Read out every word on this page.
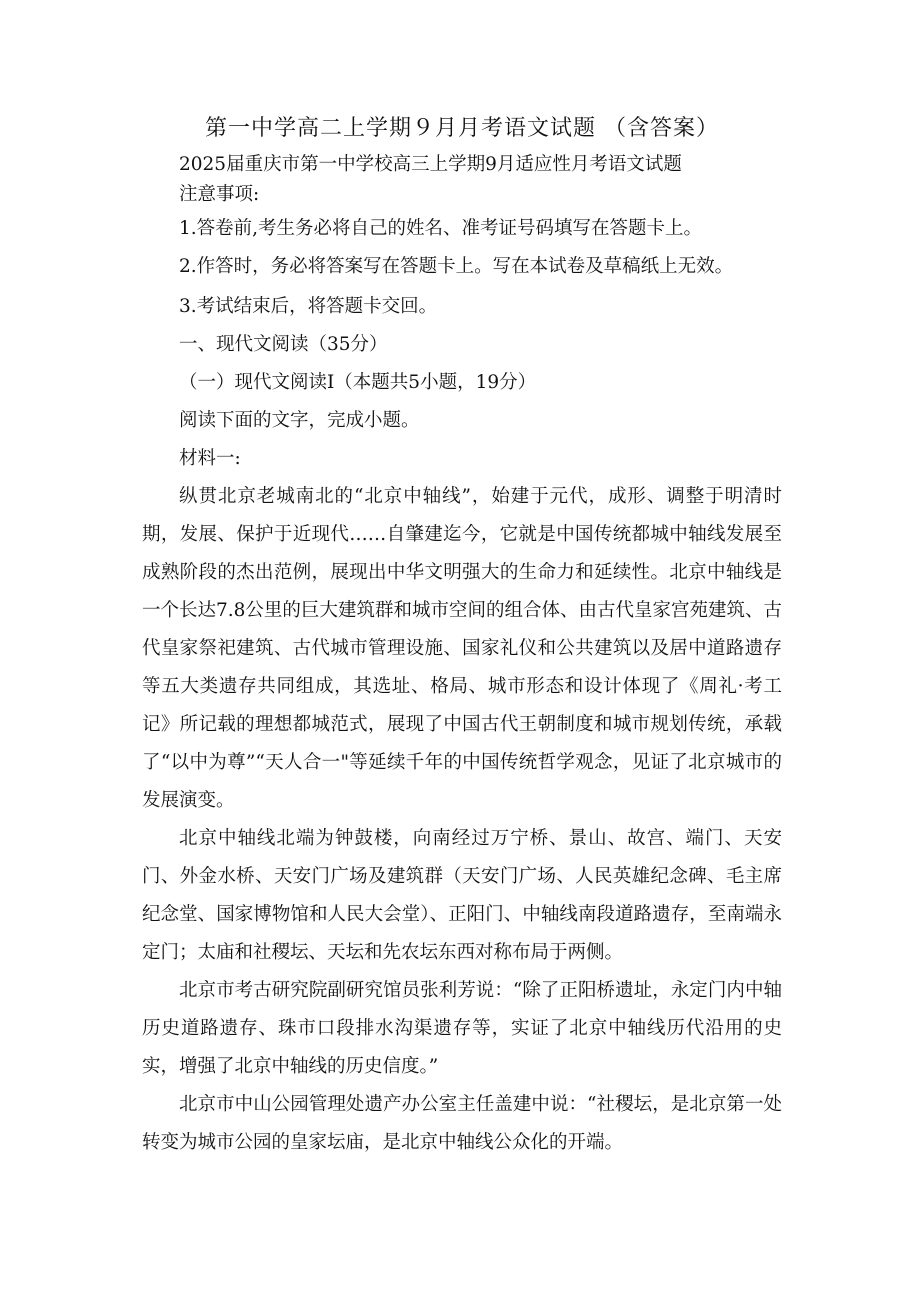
第一中学高二上学期９月月考语文试题 （含答案）

2025届重庆市第一中学校高三上学期9月适应性月考语文试题

注意事项:

1.答卷前,考生务必将自己的姓名、准考证号码填写在答题卡上。

2.作答时，务必将答案写在答题卡上。写在本试卷及草稿纸上无效。

3.考试结束后，将答题卡交回。

一、现代文阅读（35分）

（一）现代文阅读Ⅰ（本题共5小题，19分）

阅读下面的文字，完成小题。

材料一:

纵贯北京老城南北的“北京中轴线”，始建于元代，成形、调整于明清时期，发展、保护于近现代……自肇建迄今，它就是中国传统都城中轴线发展至成熟阶段的杰出范例，展现出中华文明强大的生命力和延续性。北京中轴线是一个长达7.8公里的巨大建筑群和城市空间的组合体、由古代皇家宫苑建筑、古代皇家祭祀建筑、古代城市管理设施、国家礼仪和公共建筑以及居中道路遗存等五大类遗存共同组成，其选址、格局、城市形态和设计体现了《周礼·考工记》所记载的理想都城范式，展现了中国古代王朝制度和城市规划传统，承载了“以中为尊”“天人合一"等延续千年的中国传统哲学观念，见证了北京城市的发展演变。

北京中轴线北端为钟鼓楼，向南经过万宁桥、景山、故宫、端门、天安门、外金水桥、天安门广场及建筑群（天安门广场、人民英雄纪念碑、毛主席纪念堂、国家博物馆和人民大会堂）、正阳门、中轴线南段道路遗存，至南端永定门；太庙和社稷坛、天坛和先农坛东西对称布局于两侧。

北京市考古研究院副研究馆员张利芳说：“除了正阳桥遗址，永定门内中轴历史道路遗存、珠市口段排水沟渠遗存等，实证了北京中轴线历代沿用的史实，增强了北京中轴线的历史信度。”

北京市中山公园管理处遗产办公室主任盖建中说：“社稷坛，是北京第一处转变为城市公园的皇家坛庙，是北京中轴线公众化的开端。
